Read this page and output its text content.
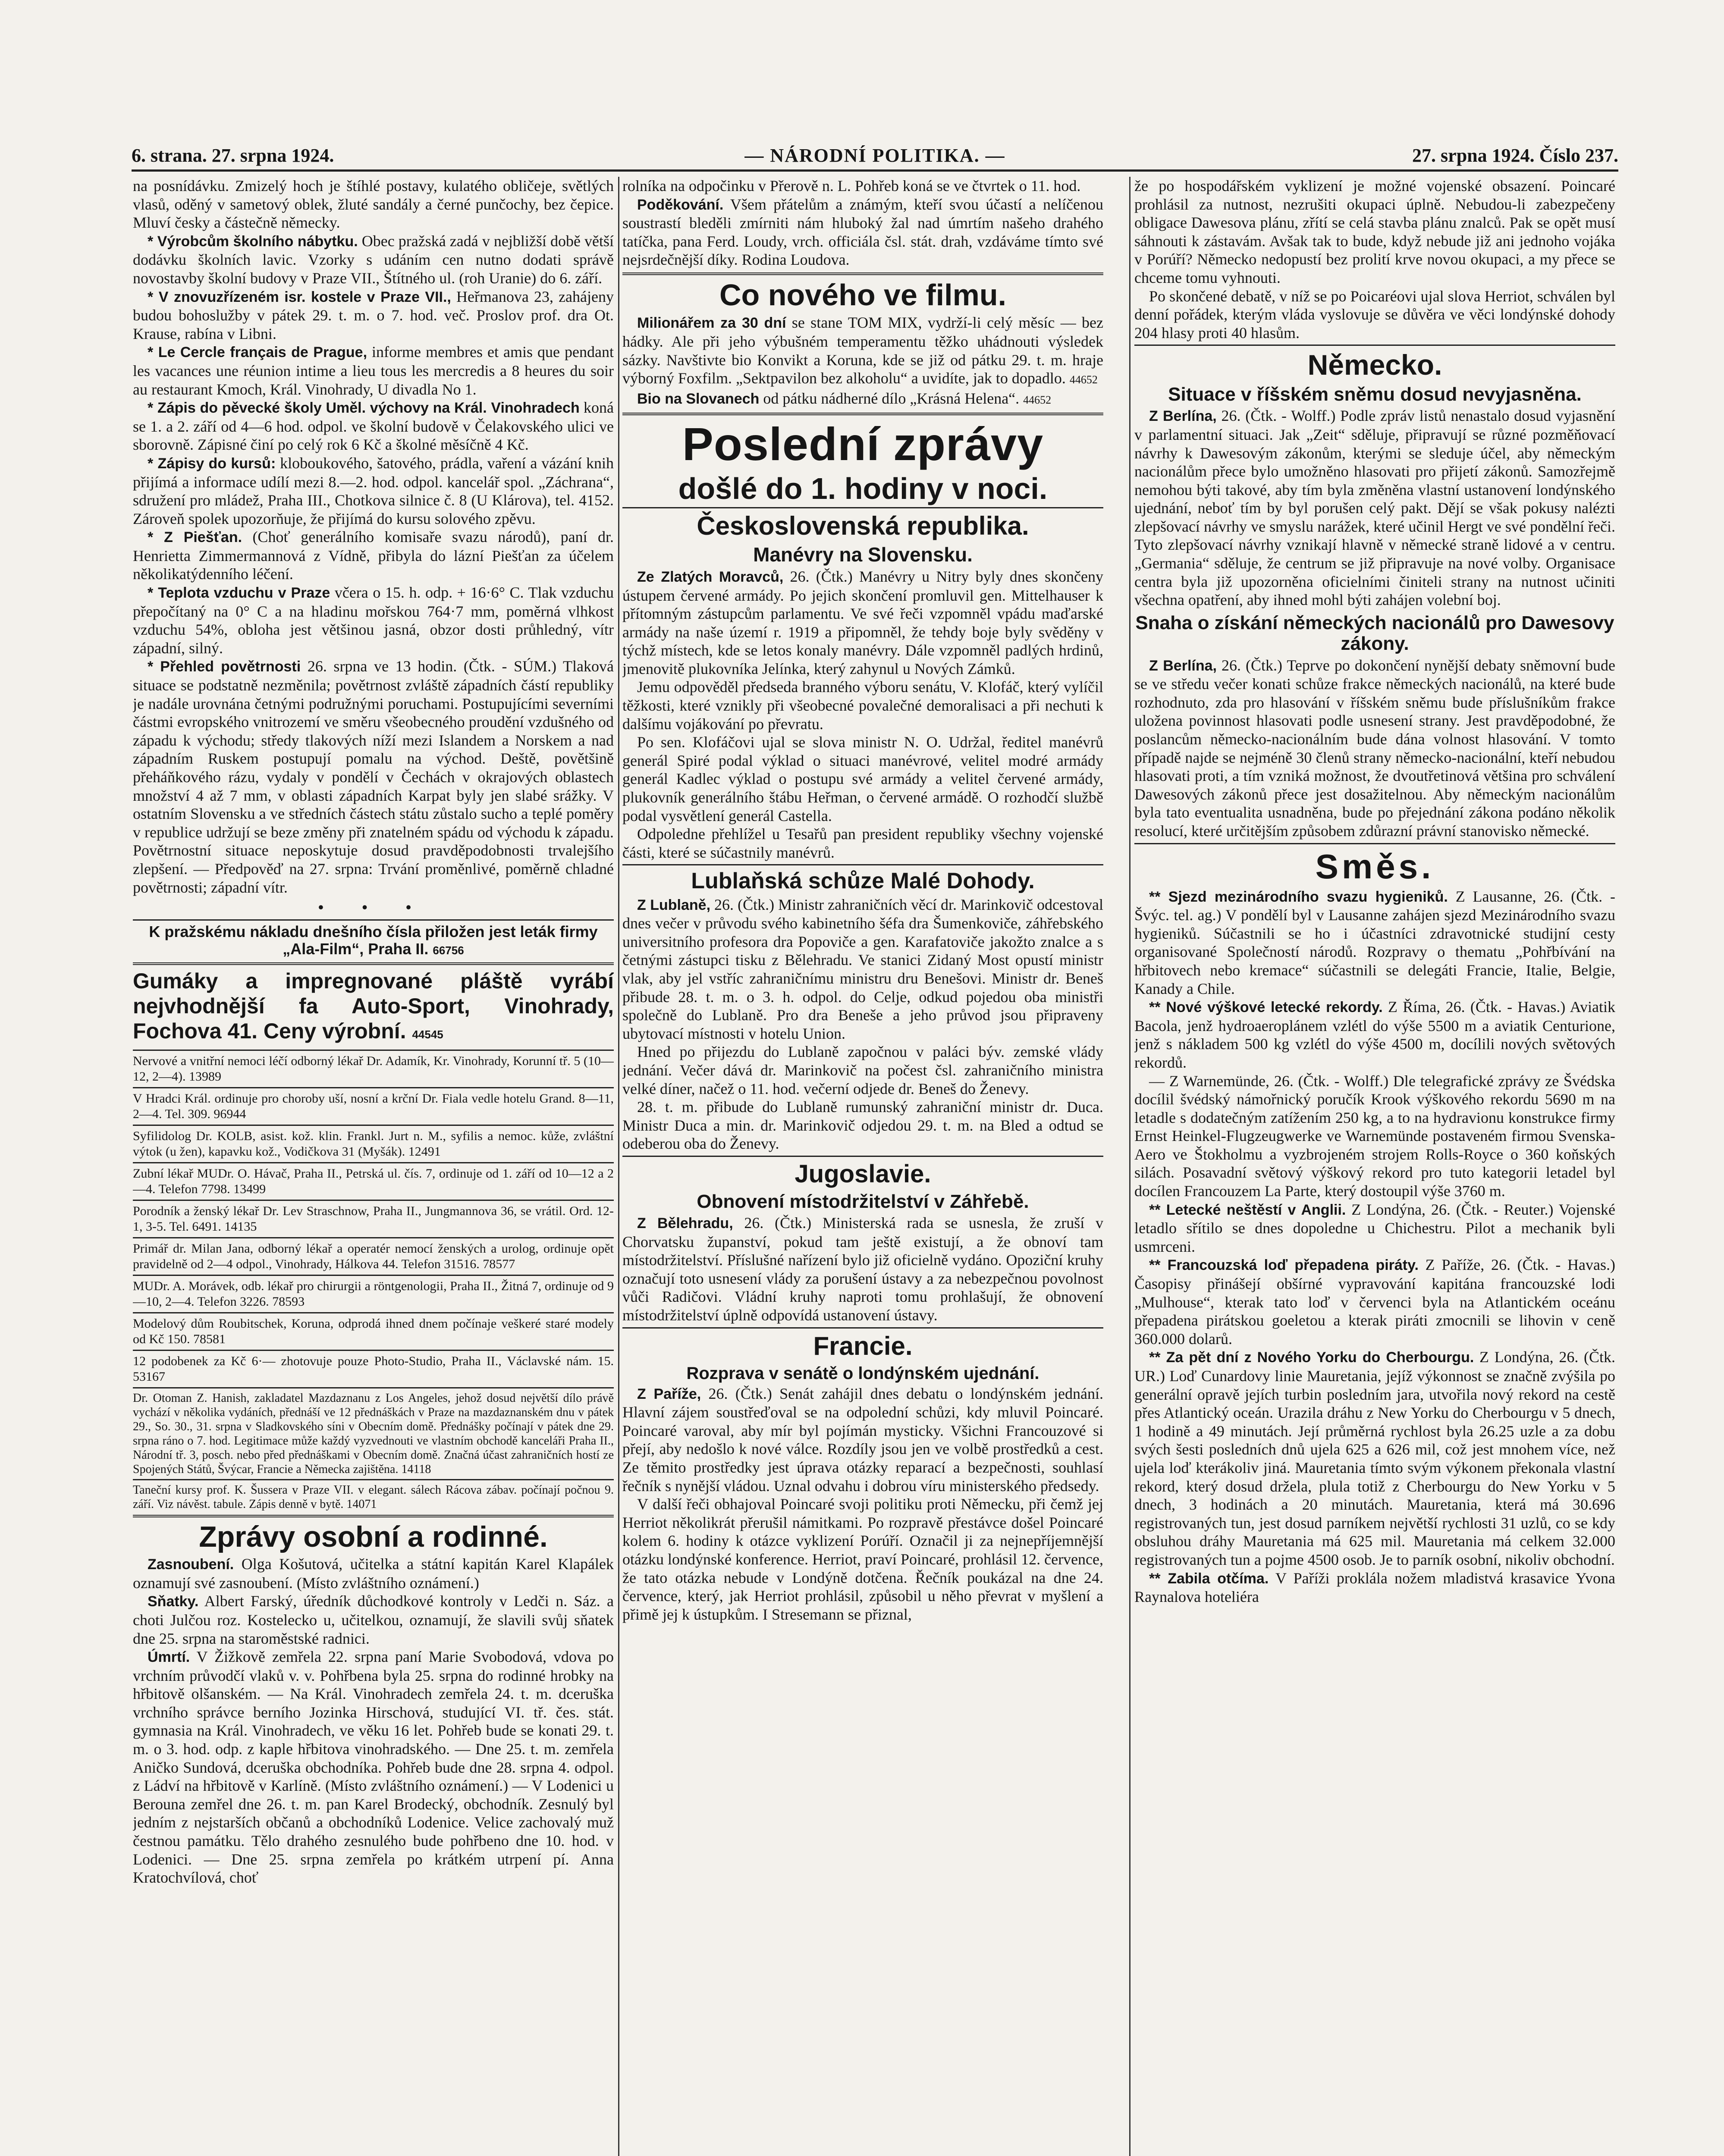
6. strana. 27. srpna 1924.	— NÁRODNÍ POLITIKA. —	27. srpna 1924. Číslo 237.

na posnídávku. Zmizelý hoch je štíhlé postavy, kulatého obličeje, světlých vlasů, oděný v sametový oblek, žluté sandály a černé punčochy, bez čepice. Mluví česky a částečně německy.

* Výrobcům školního nábytku. Obec pražská zadá v nejbližší době větší dodávku školních lavic. Vzorky s udáním cen nutno dodati správě novostavby školní budovy v Praze VII., Štítného ul. (roh Uranie) do 6. září.

* V znovuzřízeném isr. kostele v Praze VII., Heřmanova 23, zahájeny budou bohoslužby v pátek 29. t. m. o 7. hod. več. Proslov prof. dra Ot. Krause, rabína v Libni.

* Le Cercle français de Prague, informe membres et amis que pendant les vacances une réunion intime a lieu tous les mercredis a 8 heures du soir au restaurant Kmoch, Král. Vinohrady, U divadla No 1.

* Zápis do pěvecké školy Uměl. výchovy na Král. Vinohradech koná se 1. a 2. září od 4—6 hod. odpol. ve školní budově v Čelakovského ulici ve sborovně. Zápisné činí po celý rok 6 Kč a školné měsíčně 4 Kč.

* Zápisy do kursů: kloboukového, šatového, prádla, vaření a vázání knih přijímá a informace udílí mezi 8.—2. hod. odpol. kancelář spol. „Záchrana“, sdružení pro mládež, Praha III., Chotkova silnice č. 8 (U Klárova), tel. 4152. Zároveň spolek upozorňuje, že přijímá do kursu solového zpěvu.

* Z Piešťan. (Choť generálního komisaře svazu národů), paní dr. Henrietta Zimmermannová z Vídně, přibyla do lázní Piešťan za účelem několikatýdenního léčení.

* Teplota vzduchu v Praze včera o 15. h. odp. + 16·6° C. Tlak vzduchu přepočítaný na 0° C a na hladinu mořskou 764·7 mm, poměrná vlhkost vzduchu 54%, obloha jest většinou jasná, obzor dosti průhledný, vítr západní, silný.

* Přehled povětrnosti 26. srpna ve 13 hodin. (Čtk. - SÚM.) Tlaková situace se podstatně nezměnila; povětrnost zvláště západních částí republiky je nadále urovnána četnými podružnými poruchami. Postupujícími severními částmi evropského vnitrozemí ve směru všeobecného proudění vzdušného od západu k východu; středy tlakových níží mezi Islandem a Norskem a nad západním Ruskem postupují pomalu na východ. Deště, povětšině přeháňkového rázu, vydaly v pondělí v Čechách v okrajových oblastech množství 4 až 7 mm, v oblasti západních Karpat byly jen slabé srážky. V ostatním Slovensku a ve středních částech státu zůstalo sucho a teplé poměry v republice udržují se beze změny při znatelném spádu od východu k západu. Povětrnostní situace neposkytuje dosud pravděpodobnosti trvalejšího zlepšení. — Předpověď na 27. srpna: Trvání proměnlivé, poměrně chladné povětrnosti; západní vítr.

• • •
K pražskému nákladu dnešního čísla přiložen jest leták firmy „Ala-Film“, Praha II. 66756
Gumáky a impregnované pláště vyrábí nejvhodnější fa Auto-Sport, Vinohrady, Fochova 41. Ceny výrobní. 44545
Nervové a vnitřní nemoci léčí odborný lékař Dr. Adamík, Kr. Vinohrady, Korunní tř. 5 (10—12, 2—4). 13989
V Hradci Král. ordinuje pro choroby uší, nosní a krční Dr. Fiala vedle hotelu Grand. 8—11, 2—4. Tel. 309. 96944
Syfilidolog Dr. KOLB, asist. kož. klin. Frankl. Jurt n. M., syfilis a nemoc. kůže, zvláštní výtok (u žen), kapavku kož., Vodičkova 31 (Myšák). 12491
Zubní lékař MUDr. O. Hávač, Praha II., Petrská ul. čís. 7, ordinuje od 1. září od 10—12 a 2—4. Telefon 7798. 13499
Porodník a ženský lékař Dr. Lev Straschnow, Praha II., Jungmannova 36, se vrátil. Ord. 12-1, 3-5. Tel. 6491. 14135
Primář dr. Milan Jana, odborný lékař a operatér nemocí ženských a urolog, ordinuje opět pravidelně od 2—4 odpol., Vinohrady, Hálkova 44. Telefon 31516. 78577
MUDr. A. Morávek, odb. lékař pro chirurgii a röntgenologii, Praha II., Žitná 7, ordinuje od 9—10, 2—4. Telefon 3226. 78593
Modelový dům Roubitschek, Koruna, odprodá ihned dnem počínaje veškeré staré modely od Kč 150. 78581
12 podobenek za Kč 6·— zhotovuje pouze Photo-Studio, Praha II., Václavské nám. 15. 53167
Dr. Otoman Z. Hanish, zakladatel Mazdaznanu z Los Angeles, jehož dosud největší dílo právě vychází v několika vydáních, přednáší ve 12 přednáškách v Praze na mazdaznanském dnu v pátek 29., So. 30., 31. srpna v Sladkovského síni v Obecním domě. Přednášky počínají v pátek dne 29. srpna ráno o 7. hod. Legitimace může každý vyzvednouti ve vlastním obchodě kanceláři Praha II., Národní tř. 3, posch. nebo před přednáškami v Obecním domě. Značná účast zahraničních hostí ze Spojených Států, Švýcar, Francie a Německa zajištěna. 14118
Taneční kursy prof. K. Šussera v Praze VII. v elegant. sálech Rácova zábav. počínají počnou 9. září. Viz návěst. tabule. Zápis denně v bytě. 14071
Zprávy osobní a rodinné.

Zasnoubení. Olga Košutová, učitelka a státní kapitán Karel Klapálek oznamují své zasnoubení. (Místo zvláštního oznámení.)

Sňatky. Albert Farský, úředník důchodkové kontroly v Ledči n. Sáz. a choti Julčou roz. Kostelecko u, učitelkou, oznamují, že slavili svůj sňatek dne 25. srpna na staroměstské radnici.

Úmrtí. V Žižkově zemřela 22. srpna paní Marie Svobodová, vdova po vrchním průvodčí vlaků v. v. Pohřbena byla 25. srpna do rodinné hrobky na hřbitově olšanském. — Na Král. Vinohradech zemřela 24. t. m. dceruška vrchního správce berního Jozinka Hirschová, studující VI. tř. čes. stát. gymnasia na Král. Vinohradech, ve věku 16 let. Pohřeb bude se konati 29. t. m. o 3. hod. odp. z kaple hřbitova vinohradského. — Dne 25. t. m. zemřela Aničko Sundová, dceruška obchodníka. Pohřeb bude dne 28. srpna 4. odpol. z Ládví na hřbitově v Karlíně. (Místo zvláštního oznámení.) — V Lodenici u Berouna zemřel dne 26. t. m. pan Karel Brodecký, obchodník. Zesnulý byl jedním z nejstarších občanů a obchodníků Lodenice. Velice zachovalý muž čestnou památku. Tělo drahého zesnulého bude pohřbeno dne 10. hod. v Lodenici. — Dne 25. srpna zemřela po krátkém utrpení pí. Anna Kratochvílová, choť

rolníka na odpočinku v Přerově n. L. Pohřeb koná se ve čtvrtek o 11. hod.

Poděkování. Všem přátelům a známým, kteří svou účastí a nelíčenou soustrastí bleděli zmírniti nám hluboký žal nad úmrtím našeho drahého tatíčka, pana Ferd. Loudy, vrch. officiála čsl. stát. drah, vzdáváme tímto své nejsrdečnější díky. Rodina Loudova.

Co nového ve filmu.

Milionářem za 30 dní se stane TOM MIX, vydrží-li celý měsíc — bez hádky. Ale při jeho výbušném temperamentu těžko uhádnouti výsledek sázky. Navštivte bio Konvikt a Koruna, kde se již od pátku 29. t. m. hraje výborný Foxfilm. „Sektpavilon bez alkoholu“ a uvidíte, jak to dopadlo. 44652

Bio na Slovanech od pátku nádherné dílo „Krásná Helena“. 44652

Poslední zprávy
došlé do 1. hodiny v noci.
Československá republika.
Manévry na Slovensku.

Ze Zlatých Moravců, 26. (Čtk.) Manévry u Nitry byly dnes skončeny ústupem červené armády. Po jejich skončení promluvil gen. Mittelhauser k přítomným zástupcům parlamentu. Ve své řeči vzpomněl vpádu maďarské armády na naše území r. 1919 a připomněl, že tehdy boje byly svěděny v týchž místech, kde se letos konaly manévry. Dále vzpomněl padlých hrdinů, jmenovitě plukovníka Jelínka, který zahynul u Nových Zámků.

Jemu odpověděl předseda branného výboru senátu, V. Klofáč, který vylíčil těžkosti, které vznikly při všeobecné povalečné demoralisaci a při nechuti k dalšímu vojákování po převratu.

Po sen. Klofáčovi ujal se slova ministr N. O. Udržal, ředitel manévrů generál Spiré podal výklad o situaci manévrové, velitel modré armády generál Kadlec výklad o postupu své armády a velitel červené armády, plukovník generálního štábu Heřman, o červené armádě. O rozhodčí službě podal vysvětlení generál Castella.

Odpoledne přehlížel u Tesařů pan president republiky všechny vojenské části, které se súčastnily manévrů.

Lublaňská schůze Malé Dohody.

Z Lublaně, 26. (Čtk.) Ministr zahraničních věcí dr. Marinkovič odcestoval dnes večer v průvodu svého kabinetního šéfa dra Šumenkoviče, záhřebského universitního profesora dra Popoviče a gen. Karafatoviče jakožto znalce a s četnými zástupci tisku z Bělehradu. Ve stanici Zidaný Most opustí ministr vlak, aby jel vstříc zahraničnímu ministru dru Benešovi. Ministr dr. Beneš přibude 28. t. m. o 3. h. odpol. do Celje, odkud pojedou oba ministři společně do Lublaně. Pro dra Beneše a jeho průvod jsou připraveny ubytovací místnosti v hotelu Union.

Hned po přijezdu do Lublaně započnou v paláci býv. zemské vlády jednání. Večer dává dr. Marinkovič na počest čsl. zahraničního ministra velké díner, načež o 11. hod. večerní odjede dr. Beneš do Ženevy.

28. t. m. přibude do Lublaně rumunský zahraniční ministr dr. Duca. Ministr Duca a min. dr. Marinkovič odjedou 29. t. m. na Bled a odtud se odeberou oba do Ženevy.

Jugoslavie.
Obnovení místodržitelství v Záhřebě.

Z Bělehradu, 26. (Čtk.) Ministerská rada se usnesla, že zruší v Chorvatsku županství, pokud tam ještě existují, a že obnoví tam místodržitelství. Příslušné nařízení bylo již oficielně vydáno. Opoziční kruhy označují toto usnesení vlády za porušení ústavy a za nebezpečnou povolnost vůči Radičovi. Vládní kruhy naproti tomu prohlašují, že obnovení místodržitelství úplně odpovídá ustanovení ústavy.

Francie.
Rozprava v senátě o londýnském ujednání.

Z Paříže, 26. (Čtk.) Senát zahájil dnes debatu o londýnském jednání. Hlavní zájem soustřeďoval se na odpolední schůzi, kdy mluvil Poincaré. Poincaré varoval, aby mír byl pojímán mysticky. Všichni Francouzové si přejí, aby nedošlo k nové válce. Rozdíly jsou jen ve volbě prostředků a cest. Ze těmito prostředky jest úprava otázky reparací a bezpečnosti, souhlasí řečník s nynější vládou. Uznal odvahu i dobrou víru ministerského předsedy.

V další řeči obhajoval Poincaré svoji politiku proti Německu, při čemž jej Herriot několikrát přerušil námitkami. Po rozpravě přestávce došel Poincaré kolem 6. hodiny k otázce vyklizení Porúří. Označil ji za nejnepříjemnější otázku londýnské konference. Herriot, praví Poincaré, prohlásil 12. července, že tato otázka nebude v Londýně dotčena. Řečník poukázal na dne 24. července, který, jak Herriot prohlásil, způsobil u něho převrat v myšlení a přimě jej k ústupkům. I Stresemann se přiznal,

že po hospodářském vyklizení je možné vojenské obsazení. Poincaré prohlásil za nutnost, nezrušiti okupaci úplně. Nebudou-li zabezpečeny obligace Dawesova plánu, zřítí se celá stavba plánu znalců. Pak se opět musí sáhnouti k zástavám. Avšak tak to bude, když nebude již ani jednoho vojáka v Porúří? Německo nedopustí bez prolití krve novou okupaci, a my přece se chceme tomu vyhnouti.

Po skončené debatě, v níž se po Poicaréovi ujal slova Herriot, schválen byl denní pořádek, kterým vláda vyslovuje se důvěra ve věci londýnské dohody 204 hlasy proti 40 hlasům.

Německo.
Situace v říšském sněmu dosud nevyjasněna.

Z Berlína, 26. (Čtk. - Wolff.) Podle zpráv listů nenastalo dosud vyjasnění v parlamentní situaci. Jak „Zeit“ sděluje, připravují se různé pozměňovací návrhy k Dawesovým zákonům, kterými se sleduje účel, aby německým nacionálům přece bylo umožněno hlasovati pro přijetí zákonů. Samozřejmě nemohou býti takové, aby tím byla změněna vlastní ustanovení londýnského ujednání, neboť tím by byl porušen celý pakt. Dějí se však pokusy nalézti zlepšovací návrhy ve smyslu narážek, které učinil Hergt ve své pondělní řeči. Tyto zlepšovací návrhy vznikají hlavně v německé straně lidové a v centru. „Germania“ sděluje, že centrum se již připravuje na nové volby. Organisace centra byla již upozorněna oficielními činiteli strany na nutnost učiniti všechna opatření, aby ihned mohl býti zahájen volební boj.

Snaha o získání německých nacionálů pro Dawesovy zákony.

Z Berlína, 26. (Čtk.) Teprve po dokončení nynější debaty sněmovní bude se ve středu večer konati schůze frakce německých nacionálů, na které bude rozhodnuto, zda pro hlasování v říšském sněmu bude příslušníkům frakce uložena povinnost hlasovati podle usnesení strany. Jest pravděpodobné, že poslancům německo-nacionálním bude dána volnost hlasování. V tomto případě najde se nejméně 30 členů strany německo-nacionální, kteří nebudou hlasovati proti, a tím vzniká možnost, že dvoutřetinová většina pro schválení Dawesových zákonů přece jest dosažitelnou. Aby německým nacionálům byla tato eventualita usnadněna, bude po přejednání zákona podáno několik resolucí, které určitějším způsobem zdůrazní právní stanovisko německé.

Směs.

** Sjezd mezinárodního svazu hygieniků. Z Lausanne, 26. (Čtk. - Švýc. tel. ag.) V pondělí byl v Lausanne zahájen sjezd Mezinárodního svazu hygieniků. Súčastnili se ho i účastníci zdravotnické studijní cesty organisované Společností národů. Rozpravy o thematu „Pohřbívání na hřbitovech nebo kremace“ súčastnili se delegáti Francie, Italie, Belgie, Kanady a Chile.

** Nové výškové letecké rekordy. Z Říma, 26. (Čtk. - Havas.) Aviatik Bacola, jenž hydroaeroplánem vzlétl do výše 5500 m a aviatik Centurione, jenž s nákladem 500 kg vzlétl do výše 4500 m, docílili nových světových rekordů.

— Z Warnemünde, 26. (Čtk. - Wolff.) Dle telegrafické zprávy ze Švédska docílil švédský námořnický poručík Krook výškového rekordu 5690 m na letadle s dodatečným zatížením 250 kg, a to na hydravionu konstrukce firmy Ernst Heinkel-Flugzeugwerke ve Warnemünde postaveném firmou Svenska-Aero ve Štokholmu a vyzbrojeném strojem Rolls-Royce o 360 koňských silách. Posavadní světový výškový rekord pro tuto kategorii letadel byl docílen Francouzem La Parte, který dostoupil výše 3760 m.

** Letecké neštěstí v Anglii. Z Londýna, 26. (Čtk. - Reuter.) Vojenské letadlo sřítilo se dnes dopoledne u Chichestru. Pilot a mechanik byli usmrceni.

** Francouzská loď přepadena piráty. Z Paříže, 26. (Čtk. - Havas.) Časopisy přinášejí obšírné vypravování kapitána francouzské lodi „Mulhouse“, kterak tato loď v červenci byla na Atlantickém oceánu přepadena pirátskou goeletou a kterak piráti zmocnili se lihovin v ceně 360.000 dolarů.

** Za pět dní z Nového Yorku do Cherbourgu. Z Londýna, 26. (Čtk. UR.) Loď Cunardovy linie Mauretania, jejíž výkonnost se značně zvýšila po generální opravě jejích turbin posledním jara, utvořila nový rekord na cestě přes Atlantický oceán. Urazila dráhu z New Yorku do Cherbourgu v 5 dnech, 1 hodině a 49 minutách. Její průměrná rychlost byla 26.25 uzle a za dobu svých šesti posledních dnů ujela 625 a 626 mil, což jest mnohem více, než ujela loď kterákoliv jiná. Mauretania tímto svým výkonem překonala vlastní rekord, který dosud držela, plula totiž z Cherbourgu do New Yorku v 5 dnech, 3 hodinách a 20 minutách. Mauretania, která má 30.696 registrovaných tun, jest dosud parníkem největší rychlosti 31 uzlů, co se kdy obsluhou dráhy Mauretania má 625 mil. Mauretania má celkem 32.000 registrovaných tun a pojme 4500 osob. Je to parník osobní, nikoliv obchodní.

** Zabila otčíma. V Paříži proklála nožem mladistvá krasavice Yvona Raynalova hoteliéra
